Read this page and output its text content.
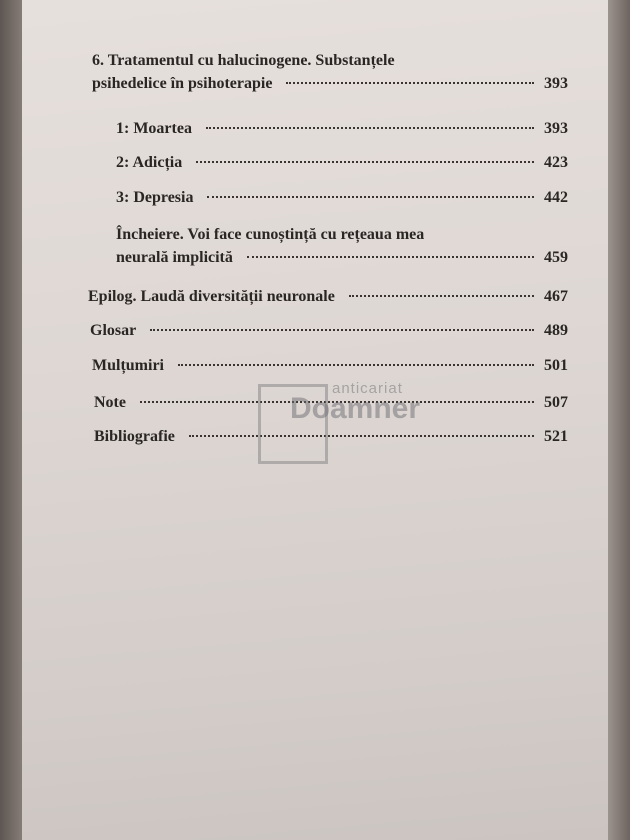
6. Tratamentul cu halucinogene. Substanțele
psihedelice în psihoterapie	393
1: Moartea	393
2: Adicția	423
3: Depresia	442
Încheiere. Voi face cunoștință cu rețeaua mea
neurală implicită	459
Epilog. Laudă diversității neuronale	467
Glosar	489
Mulțumiri	501
Note	507
Bibliografie	521
anticariat
Doamner
